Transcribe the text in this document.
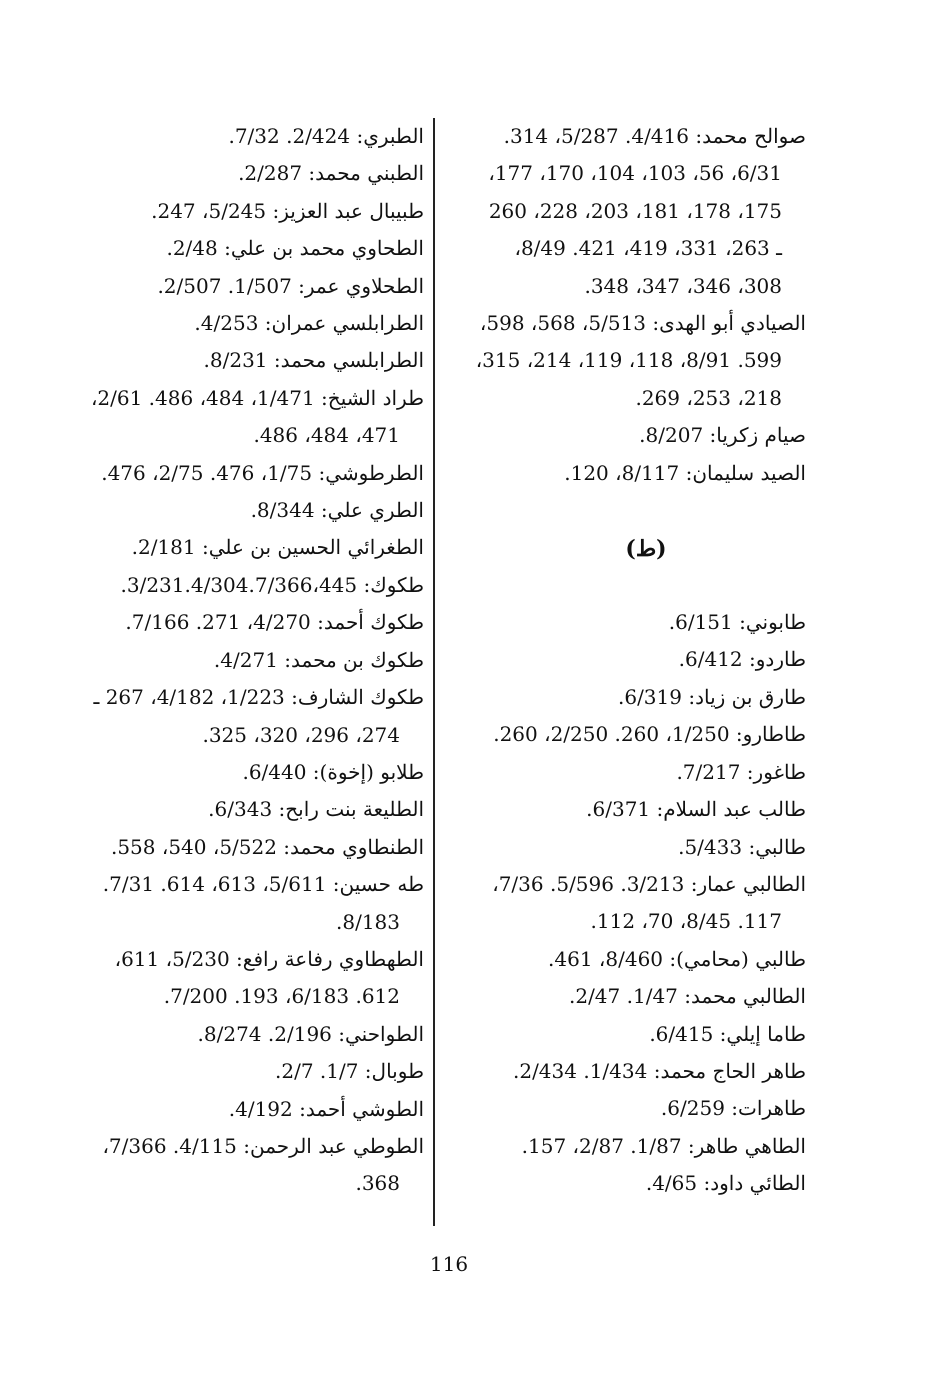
صوالح محمد: 4/416. 5/287، 314.
6/31، 56، 103، 104، 170، 177،
175، 178، 181، 203، 228، 260
ـ 263، 331، 419، 421. 8/49،
308، 346، 347، 348.
الصيادي أبو الهدى: 5/513، 568، 598،
599. 8/91، 118، 119، 214، 315،
218، 253، 269.
صيام زكريا: 8/207.
الصيد سليمان: 8/117، 120.
(ط)
طابوني: 6/151.
طاردو: 6/412.
طارق بن زياد: 6/319.
طاطارو: 1/250، 260. 2/250، 260.
طاغور: 7/217.
طالب عبد السلام: 6/371.
طالبي: 5/433.
الطالبي عمار: 3/213. 5/596. 7/36،
117. 8/45، 70، 112.
طالبي (محامي): 8/460، 461.
الطالبي محمد: 1/47. 2/47.
طاما إيلي: 6/415.
طاهر الحاج محمد: 1/434. 2/434.
طاهرات: 6/259.
الطاهي طاهر: 1/87. 2/87، 157.
الطائي داود: 4/65.
الطبري: 2/424. 7/32.
الطبني محمد: 2/287.
طبيبال عبد العزيز: 5/245، 247.
الطحاوي محمد بن علي: 2/48.
الطحلاوي عمر: 1/507. 2/507.
الطرابلسي عمران: 4/253.
الطرابلسي محمد: 8/231.
طراد الشيخ: 1/471، 484، 486. 2/61،
471، 484، 486.
الطرطوشي: 1/75، 476. 2/75، 476.
الطري علي: 8/344.
الطغرائي الحسين بن علي: 2/181.
طكوك: 3/231.4/304.7/366،445.
طكوك أحمد: 4/270، 271. 7/166.
طكوك بن محمد: 4/271.
طكوك الشارف: 1/223، 4/182، 267 ـ
274، 296، 320، 325.
طلابو (إخوة): 6/440.
الطليعة بنت رابح: 6/343.
الطنطاوي محمد: 5/522، 540، 558.
طه حسين: 5/611، 613، 614. 7/31.
8/183.
الطهطاوي رفاعة رافع: 5/230، 611،
612. 6/183، 193. 7/200.
الطواحني: 2/196. 8/274.
طوبال: 1/7. 2/7.
الطوشي أحمد: 4/192.
الطوطي عبد الرحمن: 4/115. 7/366،
368.
116
